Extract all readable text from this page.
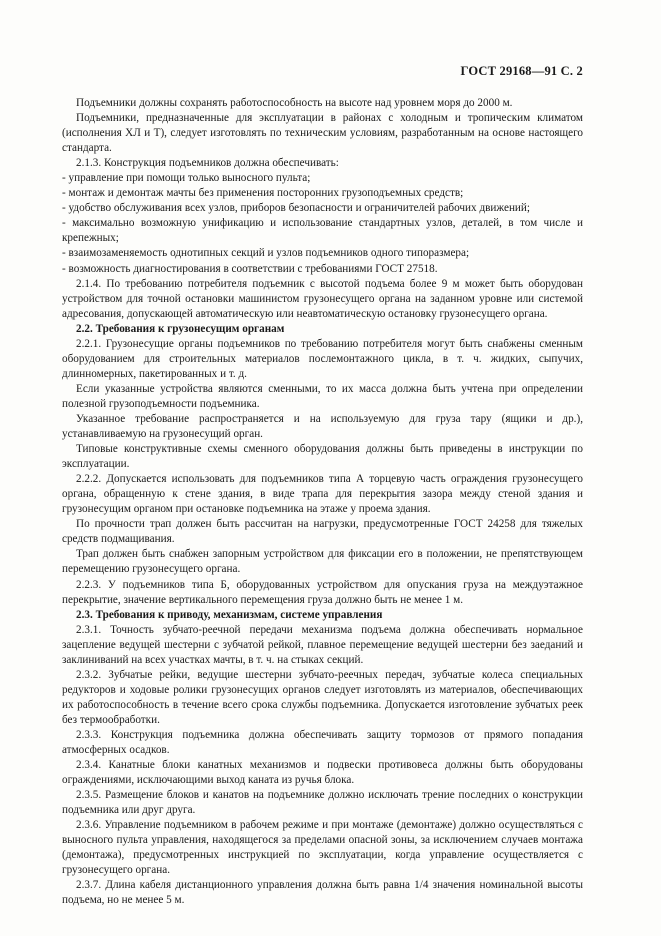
ГОСТ 29168—91 С. 2

Подъемники должны сохранять работоспособность на высоте над уровнем моря до 2000 м.

Подъемники, предназначенные для эксплуатации в районах с холодным и тропическим климатом (исполнения ХЛ и Т), следует изготовлять по техническим условиям, разработанным на основе настоящего стандарта.

2.1.3. Конструкция подъемников должна обеспечивать:

- управление при помощи только выносного пульта;

- монтаж и демонтаж мачты без применения посторонних грузоподъемных средств;

- удобство обслуживания всех узлов, приборов безопасности и ограничителей рабочих движений;

- максимально возможную унификацию и использование стандартных узлов, деталей, в том числе и крепежных;

- взаимозаменяемость однотипных секций и узлов подъемников одного типоразмера;

- возможность диагностирования в соответствии с требованиями ГОСТ 27518.

2.1.4. По требованию потребителя подъемник с высотой подъема более 9 м может быть оборудован устройством для точной остановки машинистом грузонесущего органа на заданном уровне или системой адресования, допускающей автоматическую или неавтоматическую остановку грузонесущего органа.

2.2. Требования к грузонесущим органам

2.2.1. Грузонесущие органы подъемников по требованию потребителя могут быть снабжены сменным оборудованием для строительных материалов послемонтажного цикла, в т. ч. жидких, сыпучих, длинномерных, пакетированных и т. д.

Если указанные устройства являются сменными, то их масса должна быть учтена при определении полезной грузоподъемности подъемника.

Указанное требование распространяется и на используемую для груза тару (ящики и др.), устанавливаемую на грузонесущий орган.

Типовые конструктивные схемы сменного оборудования должны быть приведены в инструкции по эксплуатации.

2.2.2. Допускается использовать для подъемников типа А торцевую часть ограждения грузонесущего органа, обращенную к стене здания, в виде трапа для перекрытия зазора между стеной здания и грузонесущим органом при остановке подъемника на этаже у проема здания.

По прочности трап должен быть рассчитан на нагрузки, предусмотренные ГОСТ 24258 для тяжелых средств подмащивания.

Трап должен быть снабжен запорным устройством для фиксации его в положении, не препятствующем перемещению грузонесущего органа.

2.2.3. У подъемников типа Б, оборудованных устройством для опускания груза на междуэтажное перекрытие, значение вертикального перемещения груза должно быть не менее 1 м.

2.3. Требования к приводу, механизмам, системе управления

2.3.1. Точность зубчато-реечной передачи механизма подъема должна обеспечивать нормальное зацепление ведущей шестерни с зубчатой рейкой, плавное перемещение ведущей шестерни без заеданий и заклиниваний на всех участках мачты, в т. ч. на стыках секций.

2.3.2. Зубчатые рейки, ведущие шестерни зубчато-реечных передач, зубчатые колеса специальных редукторов и ходовые ролики грузонесущих органов следует изготовлять из материалов, обеспечивающих их работоспособность в течение всего срока службы подъемника. Допускается изготовление зубчатых реек без термообработки.

2.3.3. Конструкция подъемника должна обеспечивать защиту тормозов от прямого попадания атмосферных осадков.

2.3.4. Канатные блоки канатных механизмов и подвески противовеса должны быть оборудованы ограждениями, исключающими выход каната из ручья блока.

2.3.5. Размещение блоков и канатов на подъемнике должно исключать трение последних о конструкции подъемника или друг друга.

2.3.6. Управление подъемником в рабочем режиме и при монтаже (демонтаже) должно осуществляться с выносного пульта управления, находящегося за пределами опасной зоны, за исключением случаев монтажа (демонтажа), предусмотренных инструкцией по эксплуатации, когда управление осуществляется с грузонесущего органа.

2.3.7. Длина кабеля дистанционного управления должна быть равна 1/4 значения номинальной высоты подъема, но не менее 5 м.
